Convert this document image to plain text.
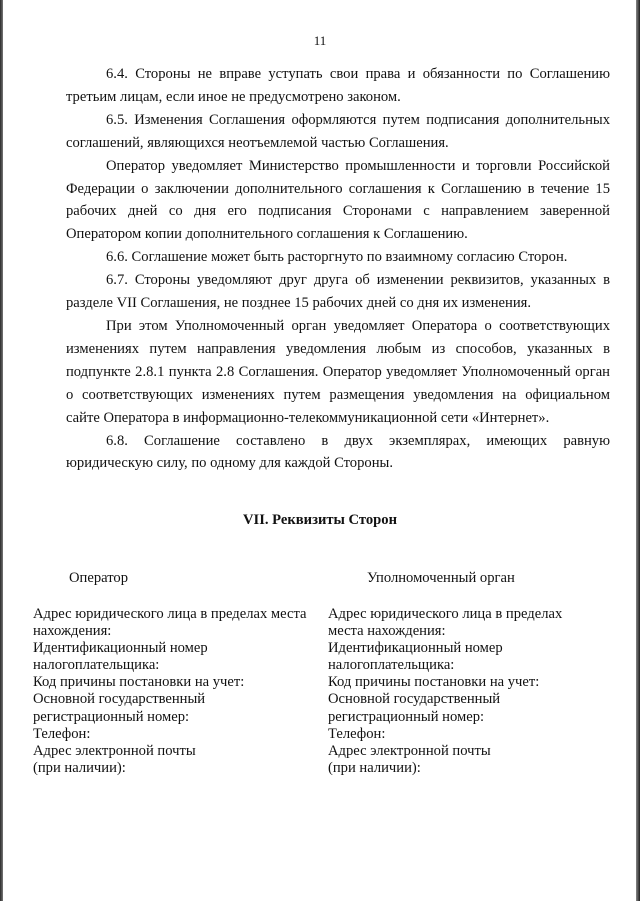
11

6.4. Стороны не вправе уступать свои права и обязанности по Соглашению третьим лицам, если иное не предусмотрено законом.

6.5. Изменения Соглашения оформляются путем подписания дополнительных соглашений, являющихся неотъемлемой частью Соглашения.

Оператор уведомляет Министерство промышленности и торговли Российской Федерации о заключении дополнительного соглашения к Соглашению в течение 15 рабочих дней со дня его подписания Сторонами с направлением заверенной Оператором копии дополнительного соглашения к Соглашению.

6.6. Соглашение может быть расторгнуто по взаимному согласию Сторон.

6.7. Стороны уведомляют друг друга об изменении реквизитов, указанных в разделе VII Соглашения, не позднее 15 рабочих дней со дня их изменения.

При этом Уполномоченный орган уведомляет Оператора о соответствующих изменениях путем направления уведомления любым из способов, указанных в подпункте 2.8.1 пункта 2.8 Соглашения. Оператор уведомляет Уполномоченный орган о соответствующих изменениях путем размещения уведомления на официальном сайте Оператора в информационно-телекоммуникационной сети «Интернет».

6.8. Соглашение составлено в двух экземплярах, имеющих равную юридическую силу, по одному для каждой Стороны.

VII. Реквизиты Сторон
Оператор	Уполномоченный орган
Адрес юридического лица в пределах места
нахождения:
Идентификационный номер
налогоплательщика:
Код причины постановки на учет:
Основной государственный
регистрационный номер:
Телефон:
Адрес электронной почты
(при наличии):
Адрес юридического лица в пределах
места нахождения:
Идентификационный номер
налогоплательщика:
Код причины постановки на учет:
Основной государственный
регистрационный номер:
Телефон:
Адрес электронной почты
(при наличии):
